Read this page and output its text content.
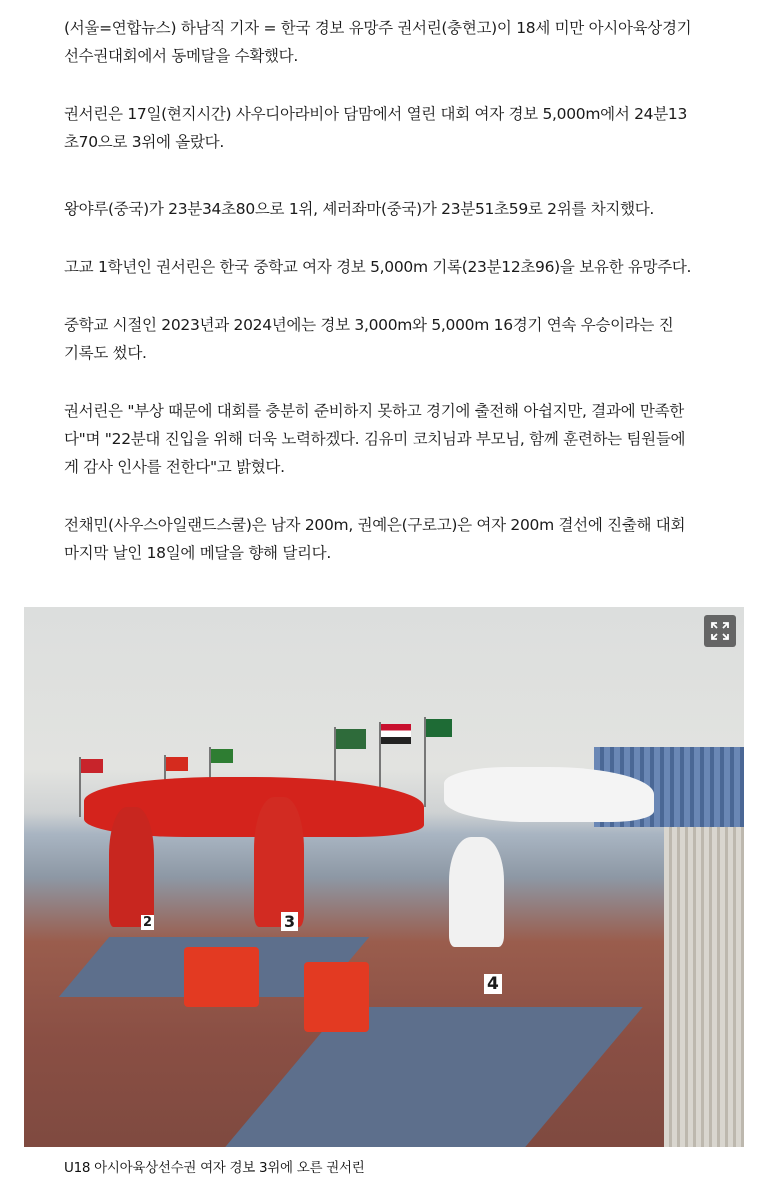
(서울=연합뉴스) 하남직 기자 = 한국 경보 유망주 권서린(충현고)이 18세 미만 아시아육상경기
선수권대회에서 동메달을 수확했다.

권서린은 17일(현지시간) 사우디아라비아 담맘에서 열린 대회 여자 경보 5,000m에서 24분13
초70으로 3위에 올랐다.

왕야루(중국)가 23분34초80으로 1위, 셰러좌마(중국)가 23분51초59로 2위를 차지했다.

고교 1학년인 권서린은 한국 중학교 여자 경보 5,000m 기록(23분12초96)을 보유한 유망주다.

중학교 시절인 2023년과 2024년에는 경보 3,000m와 5,000m 16경기 연속 우승이라는 진
기록도 썼다.

권서린은 "부상 때문에 대회를 충분히 준비하지 못하고 경기에 출전해 아쉽지만, 결과에 만족한
다"며 "22분대 진입을 위해 더욱 노력하겠다. 김유미 코치님과 부모님, 함께 훈련하는 팀원들에
게 감사 인사를 전한다"고 밝혔다.

전채민(사우스아일랜드스쿨)은 남자 200m, 권예은(구로고)은 여자 200m 결선에 진출해 대회
마지막 날인 18일에 메달을 향해 달리다.

2	3
4
U18 아시아육상선수권 여자 경보 3위에 오른 권서린
